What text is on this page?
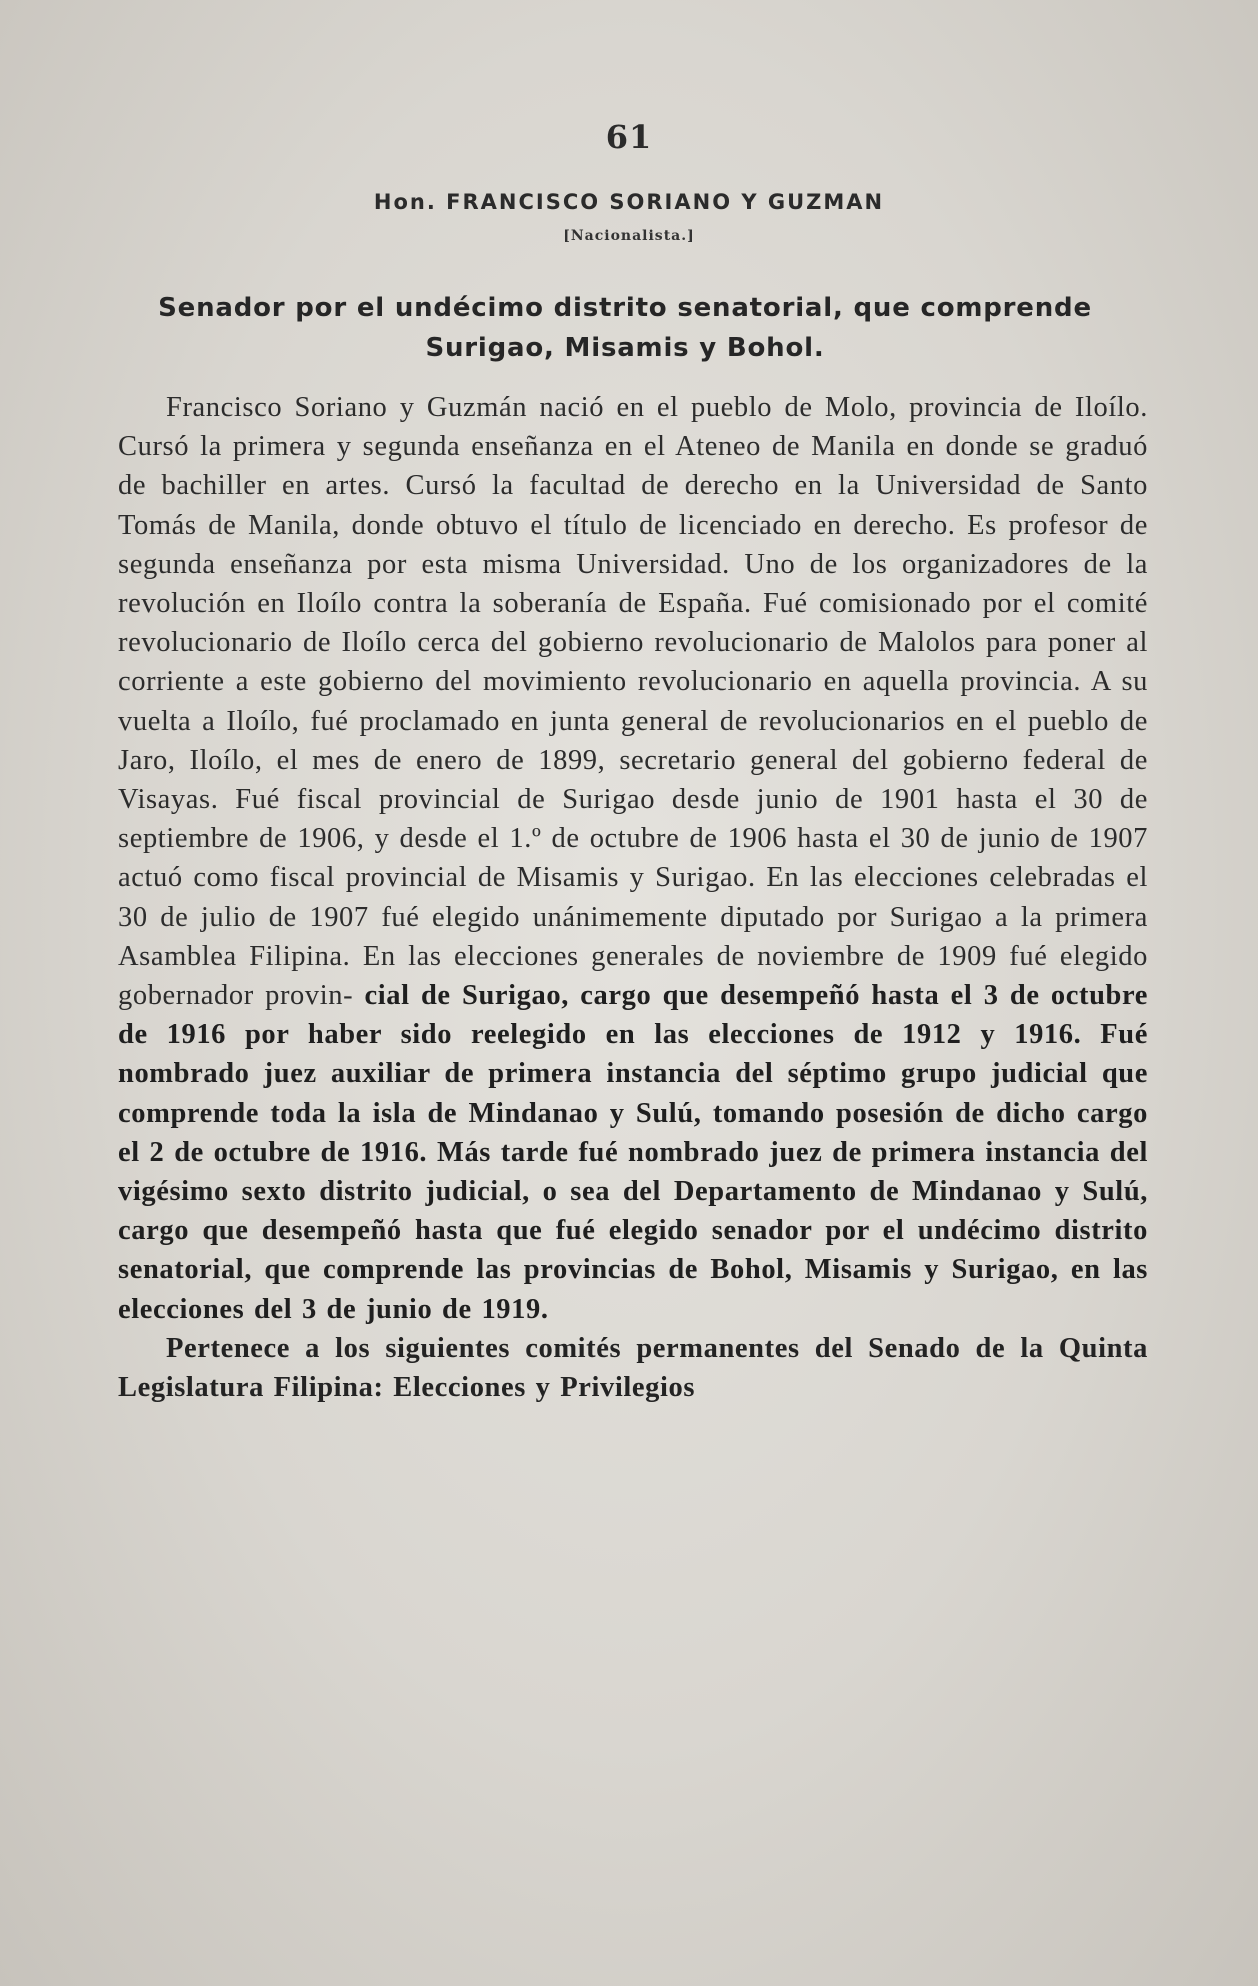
61
Hon. FRANCISCO SORIANO Y GUZMAN
[Nacionalista.]
Senador por el undécimo distrito senatorial, que comprende Surigao, Misamis y Bohol.

Francisco Soriano y Guzmán nació en el pueblo de Molo, provincia de Iloílo. Cursó la primera y segunda enseñanza en el Ateneo de Manila en donde se graduó de bachiller en artes. Cursó la facultad de derecho en la Universidad de Santo Tomás de Manila, donde obtuvo el título de licenciado en derecho. Es profesor de segunda enseñanza por esta misma Universidad. Uno de los organizadores de la revolución en Iloílo contra la soberanía de España. Fué comisionado por el comité revolucionario de Iloílo cerca del gobierno revolucionario de Malolos para poner al corriente a este gobierno del movimiento revolucionario en aquella provincia. A su vuelta a Iloílo, fué proclamado en junta general de revolucionarios en el pueblo de Jaro, Iloílo, el mes de enero de 1899, secretario general del gobierno federal de Visayas. Fué fiscal provincial de Surigao desde junio de 1901 hasta el 30 de septiembre de 1906, y desde el 1.º de octubre de 1906 hasta el 30 de junio de 1907 actuó como fiscal provincial de Misamis y Surigao. En las elecciones celebradas el 30 de julio de 1907 fué elegido unánimemente diputado por Surigao a la primera Asamblea Filipina. En las elecciones generales de noviembre de 1909 fué elegido gobernador provin- cial de Surigao, cargo que desempeñó hasta el 3 de octubre de 1916 por haber sido reelegido en las elecciones de 1912 y 1916. Fué nombrado juez auxiliar de primera instancia del séptimo grupo judicial que comprende toda la isla de Mindanao y Sulú, tomando posesión de dicho cargo el 2 de octubre de 1916. Más tarde fué nombrado juez de primera instancia del vigésimo sexto distrito judicial, o sea del Departamento de Mindanao y Sulú, cargo que desempeñó hasta que fué elegido senador por el undécimo distrito senatorial, que comprende las provincias de Bohol, Misamis y Surigao, en las elecciones del 3 de junio de 1919.

Pertenece a los siguientes comités permanentes del Senado de la Quinta Legislatura Filipina: Elecciones y Privilegios
